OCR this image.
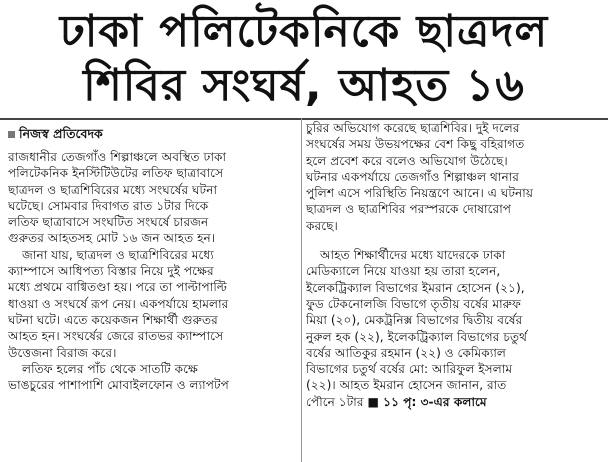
ঢাকা পলিটেকনিকে ছাত্রদল
শিবির সংঘর্ষ, আহত ১৬
নিজস্ব প্রতিবেদক
রাজধানীর তেজগাঁও শিল্পাঞ্চলে অবস্থিত ঢাকা
পলিটেকনিক ইনস্টিটিউটের লতিফ ছাত্রাবাসে
ছাত্রদল ও ছাত্রশিবিরের মধ্যে সংঘর্ষের ঘটনা
ঘটেছে। সোমবার দিবাগত রাত ১টার দিকে
লতিফ ছাত্রাবাসে সংঘটিত সংঘর্ষে চারজন
গুরুতর আহতসহ মোট ১৬ জন আহত হন।
জানা যায়, ছাত্রদল ও ছাত্রশিবিরের মধ্যে
ক্যাম্পাসে আধিপত্য বিস্তার নিয়ে দুই পক্ষের
মধ্যে প্রথমে বাগ্বিতণ্ডা হয়। পরে তা পাল্টাপাল্টি
ধাওয়া ও সংঘর্ষে রূপ নেয়। একপর্যায়ে হামলার
ঘটনা ঘটে। এতে কয়েকজন শিক্ষার্থী গুরুতর
আহত হন। সংঘর্ষের জেরে রাতভর ক্যাম্পাসে
উত্তেজনা বিরাজ করে।
লতিফ হলের পাঁচ থেকে সাতটি কক্ষে
ভাঙচুরের পাশাপাশি মোবাইলফোন ও ল্যাপটপ
চুরির অভিযোগ করেছে ছাত্রশিবির। দুই দলের
সংঘর্ষের সময় উভয়পক্ষের বেশ কিছু বহিরাগত
হলে প্রবেশ করে বলেও অভিযোগ উঠেছে।
ঘটনার একপর্যায়ে তেজগাঁও শিল্পাঞ্চল থানার
পুলিশ এসে পরিস্থিতি নিয়ন্ত্রণে আনে। এ ঘটনায়
ছাত্রদল ও ছাত্রশিবির পরস্পরকে দোষারোপ
করছে।
আহত শিক্ষার্থীদের মধ্যে যাদেরকে ঢাকা
মেডিক্যালে নিয়ে যাওয়া হয় তারা হলেন,
ইলেকট্রিক্যাল বিভাগের ইমরান হোসেন (২১),
ফুড টেকনোলজি বিভাগে তৃতীয় বর্ষের মারুফ
মিয়া (২০), মেকট্রনিক্স বিভাগের দ্বিতীয় বর্ষের
নুরুল হক (২২), ইলেকট্রিক্যাল বিভাগের চতুর্থ
বর্ষের আতিকুর রহমান (২২) ও কেমিক্যাল
বিভাগের চতুর্থ বর্ষের মো: আরিফুল ইসলাম
(২২)। আহত ইমরান হোসেন জানান, রাত
পৌনে ১টার ■ ১১ পৃ: ৩-এর কলামে
